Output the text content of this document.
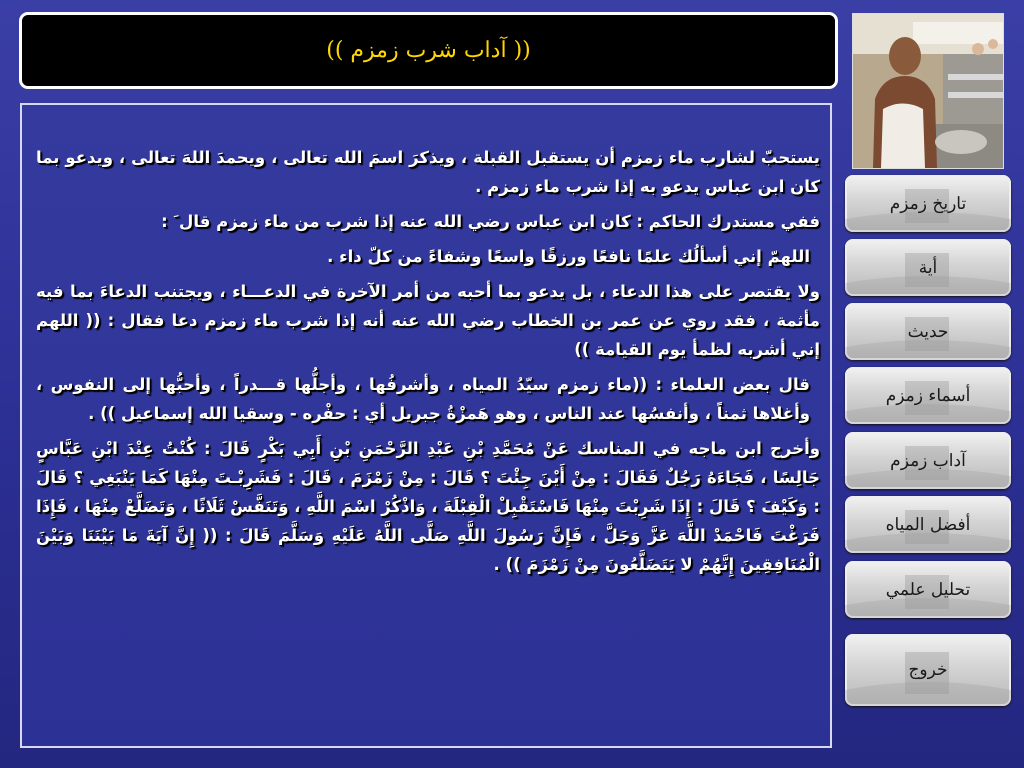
(( آداب شرب زمزم ))

يستحبّ لشارب ماء زمزم أن يستقبل القبلة ، ويذكرَ اسمَ الله تعالى ، ويحمدَ اللهَ تعالى ، ويدعو بما كان ابن عباس يدعو به إذا شرب ماء زمزم .

ففي مستدرك الحاكم : كان ابن عباس رضي الله عنه إذا شرب من ماء زمزم قال َ :

اللهمّ إني أسألُك علمًا نافعًا ورزقًا واسعًا وشفاءً من كلّ داء .

ولا يقتصر على هذا الدعاء ، بل يدعو بما أحبه من أمر الآخرة في الدعـــاء ، ويجتنب الدعاءَ بما فيه مأثمة ، فقد روي عن عمر بن الخطاب رضي الله عنه أنه إذا شرب ماء زمزم دعا فقال : (( اللهم إني أشربه لظمأ يوم القيامة ))

قال بعض العلماء : ((ماء زمزم سيّدُ المياه ، وأشرفُها ، وأجلُّها قـــدراً ، وأحبُّها إلى النفوس ، وأغلاها ثمناً ، وأنفسُها عند الناس ، وهو هَمزْةُ جبريل أي : حفْره - وسقيا الله إسماعيل )) .

وأخرج ابن ماجه في المناسك عَنْ مُحَمَّدِ بْنِ عَبْدِ الرَّحْمَنِ بْنِ أَبِي بَكْرٍ قَالَ : كُنْتُ عِنْدَ ابْنِ عَبَّاسٍ جَالِسًا ، فَجَاءَهُ رَجُلٌ فَقَالَ : مِنْ أَيْنَ جِئْتَ ؟ قَالَ : مِنْ زَمْزَمَ ، قَالَ : فَشَرِبْـتَ مِنْهَا كَمَا يَنْبَغِي ؟ قَالَ : وَكَيْفَ ؟ قَالَ : إِذَا شَرِبْتَ مِنْهَا فَاسْتَقْبِلْ الْقِبْلَةَ ، وَاذْكُرْ اسْمَ اللَّهِ ، وَتَنَفَّسْ ثَلَاثًا ، وَتَضَلَّعْ مِنْهَا ، فَإِذَا فَرَغْتَ فَاحْمَدْ اللَّهَ عَزَّ وَجَلَّ ، فَإِنَّ رَسُولَ اللَّهِ صَلَّى اللَّهُ عَلَيْهِ وَسَلَّمَ قَالَ : (( إِنَّ آيَةَ مَا بَيْنَنَا وَبَيْنَ الْمُنَافِقِينَ إِنَّهُمْ لا يَتَضَلَّعُونَ مِنْ زَمْزَمَ )) .

تاريخ زمزم
أية
حديث
أسماء زمزم
آداب زمزم
أفضل المياه
تحليل علمي
خروج
